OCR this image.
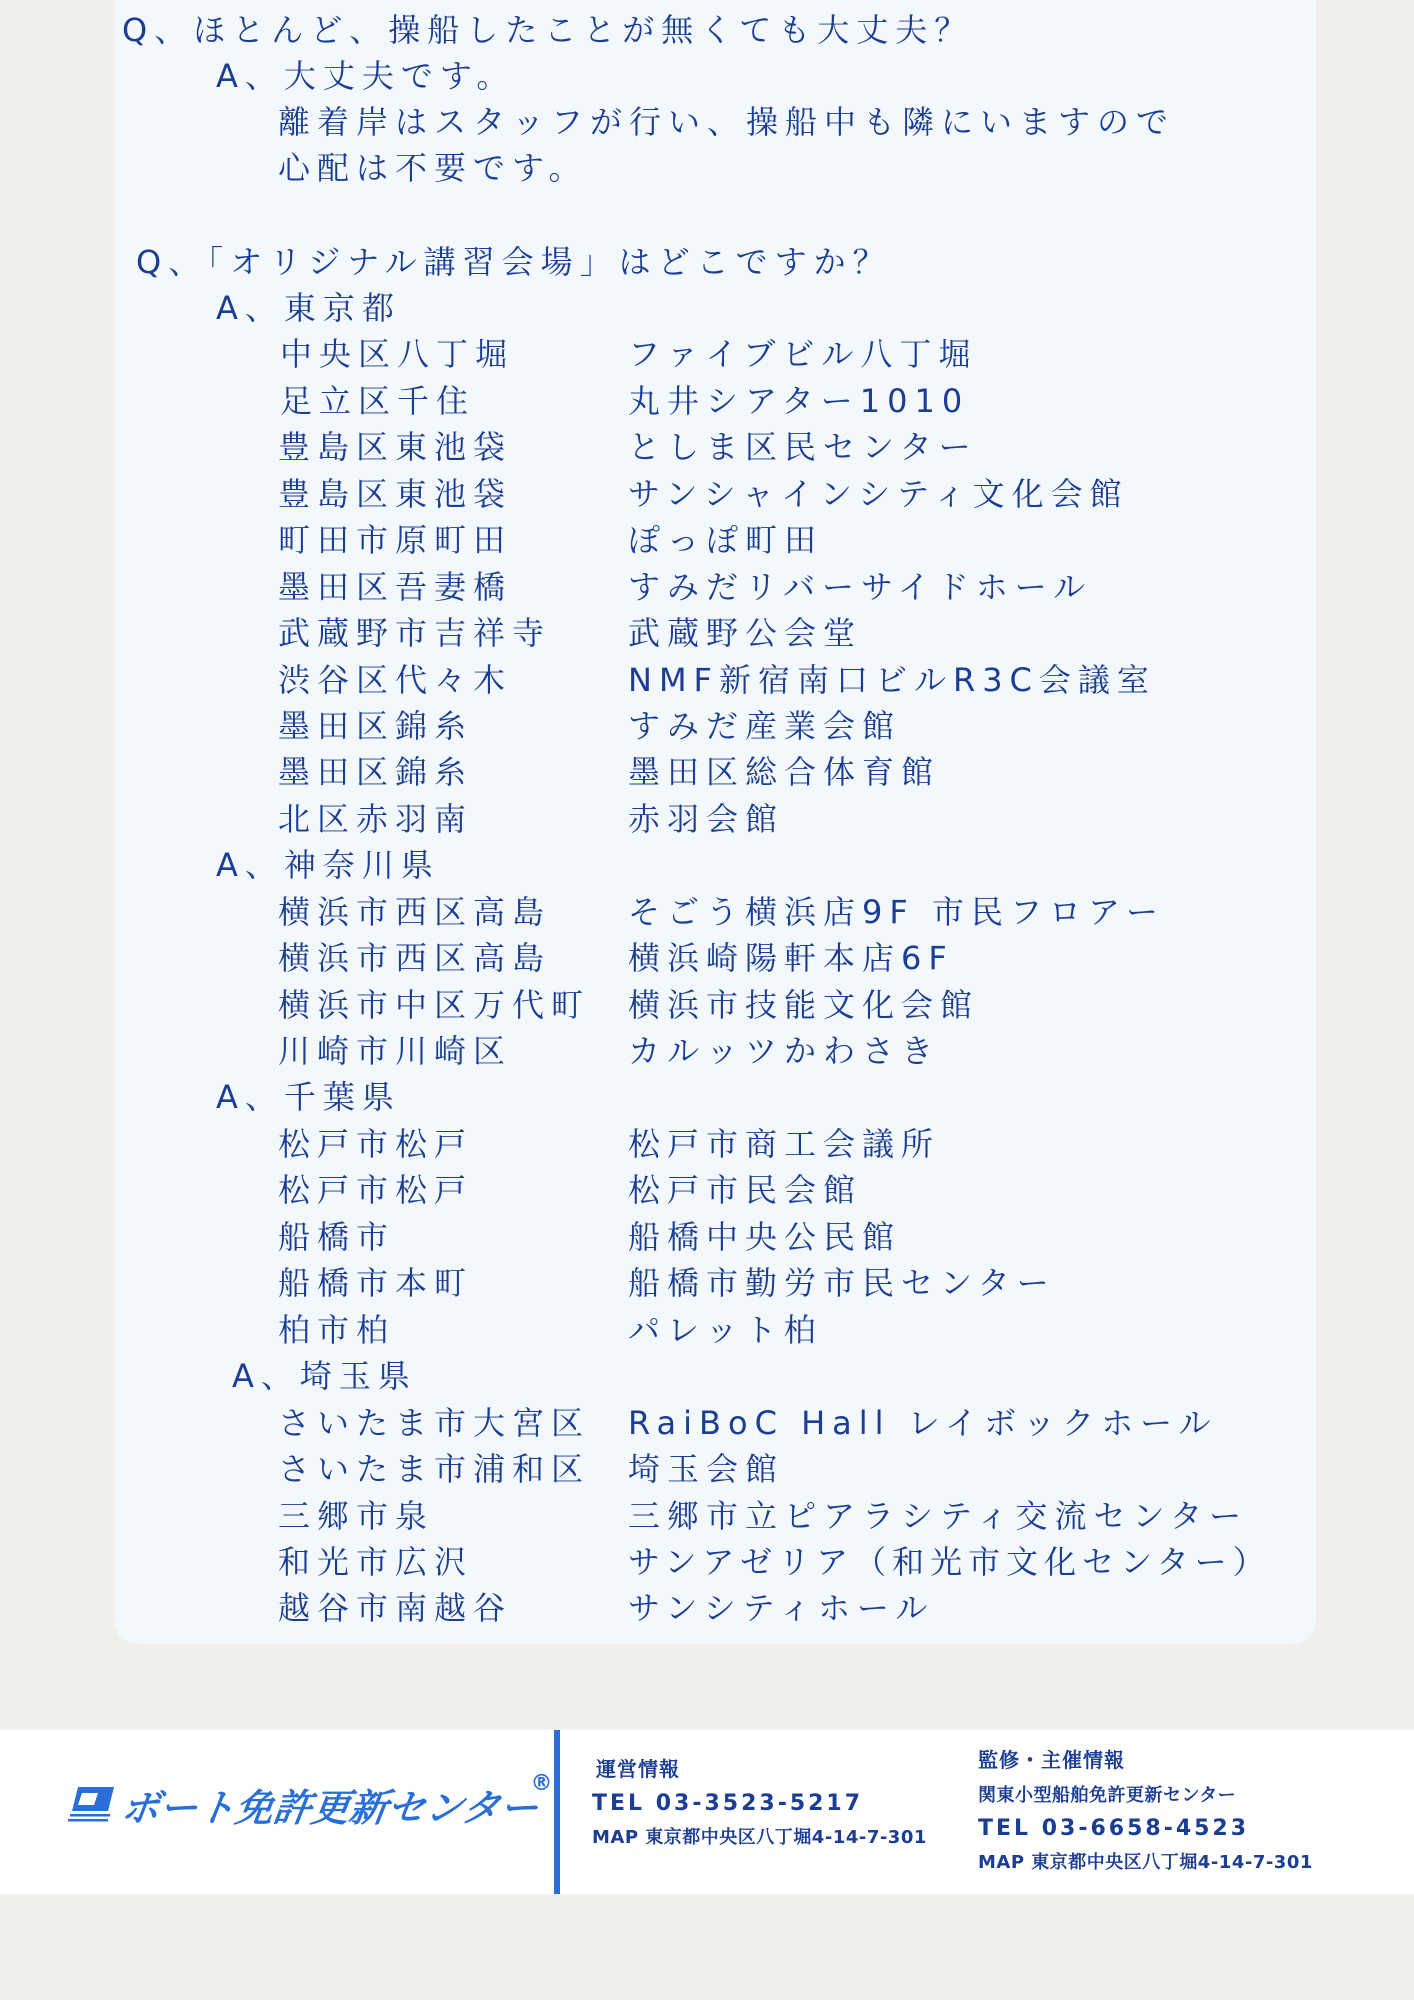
Q、ほとんど、操船したことが無くても大丈夫？
A、大丈夫です。
離着岸はスタッフが行い、操船中も隣にいますので
心配は不要です。
Q、「オリジナル講習会場」はどこですか？
A、東京都
中央区八丁堀	ファイブビル八丁堀
足立区千住	丸井シアター1010
豊島区東池袋	としま区民センター
豊島区東池袋	サンシャインシティ文化会館
町田市原町田	ぽっぽ町田
墨田区吾妻橋	すみだリバーサイドホール
武蔵野市吉祥寺 武蔵野公会堂
渋谷区代々木	NMF新宿南口ビルR3C会議室
墨田区錦糸	すみだ産業会館
墨田区錦糸	墨田区総合体育館
北区赤羽南	赤羽会館
A、神奈川県
横浜市西区高島 そごう横浜店9F 市民フロアー
横浜市西区高島 横浜崎陽軒本店6F
横浜市中区万代町 横浜市技能文化会館
川崎市川崎区	カルッツかわさき
A、千葉県
松戸市松戸	松戸市商工会議所
松戸市松戸	松戸市民会館
船橋市	船橋中央公民館
船橋市本町	船橋市勤労市民センター
柏市柏	パレット柏
A、埼玉県
さいたま市大宮区 RaiBoC Hall レイボックホール
さいたま市浦和区 埼玉会館
三郷市泉	三郷市立ピアラシティ交流センター
和光市広沢	サンアゼリア（和光市文化センター）
越谷市南越谷	サンシティホール
ボート免許更新センター
®
運営情報
TEL 03-3523-5217
MAP 東京都中央区八丁堀4-14-7-301
監修・主催情報
関東小型船舶免許更新センター
TEL 03-6658-4523
MAP 東京都中央区八丁堀4-14-7-301
